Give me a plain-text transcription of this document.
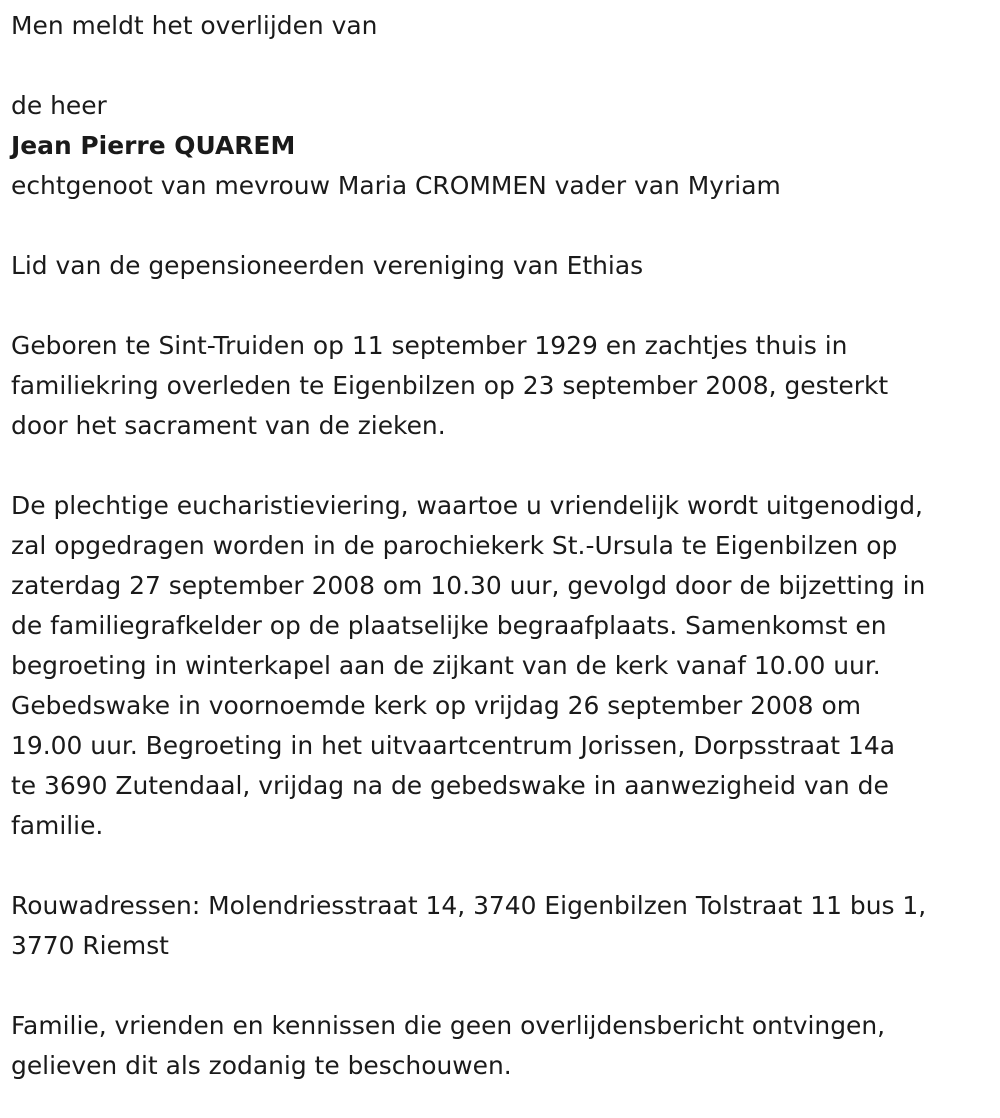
Men meldt het overlijden van

de heer

Jean Pierre QUAREM

echtgenoot van mevrouw Maria CROMMEN vader van Myriam

Lid van de gepensioneerden vereniging van Ethias

Geboren te Sint-Truiden op 11 september 1929 en zachtjes thuis in

familiekring overleden te Eigenbilzen op 23 september 2008, gesterkt

door het sacrament van de zieken.

De plechtige eucharistieviering, waartoe u vriendelijk wordt uitgenodigd,

zal opgedragen worden in de parochiekerk St.-Ursula te Eigenbilzen op

zaterdag 27 september 2008 om 10.30 uur, gevolgd door de bijzetting in

de familiegrafkelder op de plaatselijke begraafplaats. Samenkomst en

begroeting in winterkapel aan de zijkant van de kerk vanaf 10.00 uur.

Gebedswake in voornoemde kerk op vrijdag 26 september 2008 om

19.00 uur. Begroeting in het uitvaartcentrum Jorissen, Dorpsstraat 14a

te 3690 Zutendaal, vrijdag na de gebedswake in aanwezigheid van de

familie.

Rouwadressen: Molendriesstraat 14, 3740 Eigenbilzen Tolstraat 11 bus 1,

3770 Riemst

Familie, vrienden en kennissen die geen overlijdensbericht ontvingen,

gelieven dit als zodanig te beschouwen.
